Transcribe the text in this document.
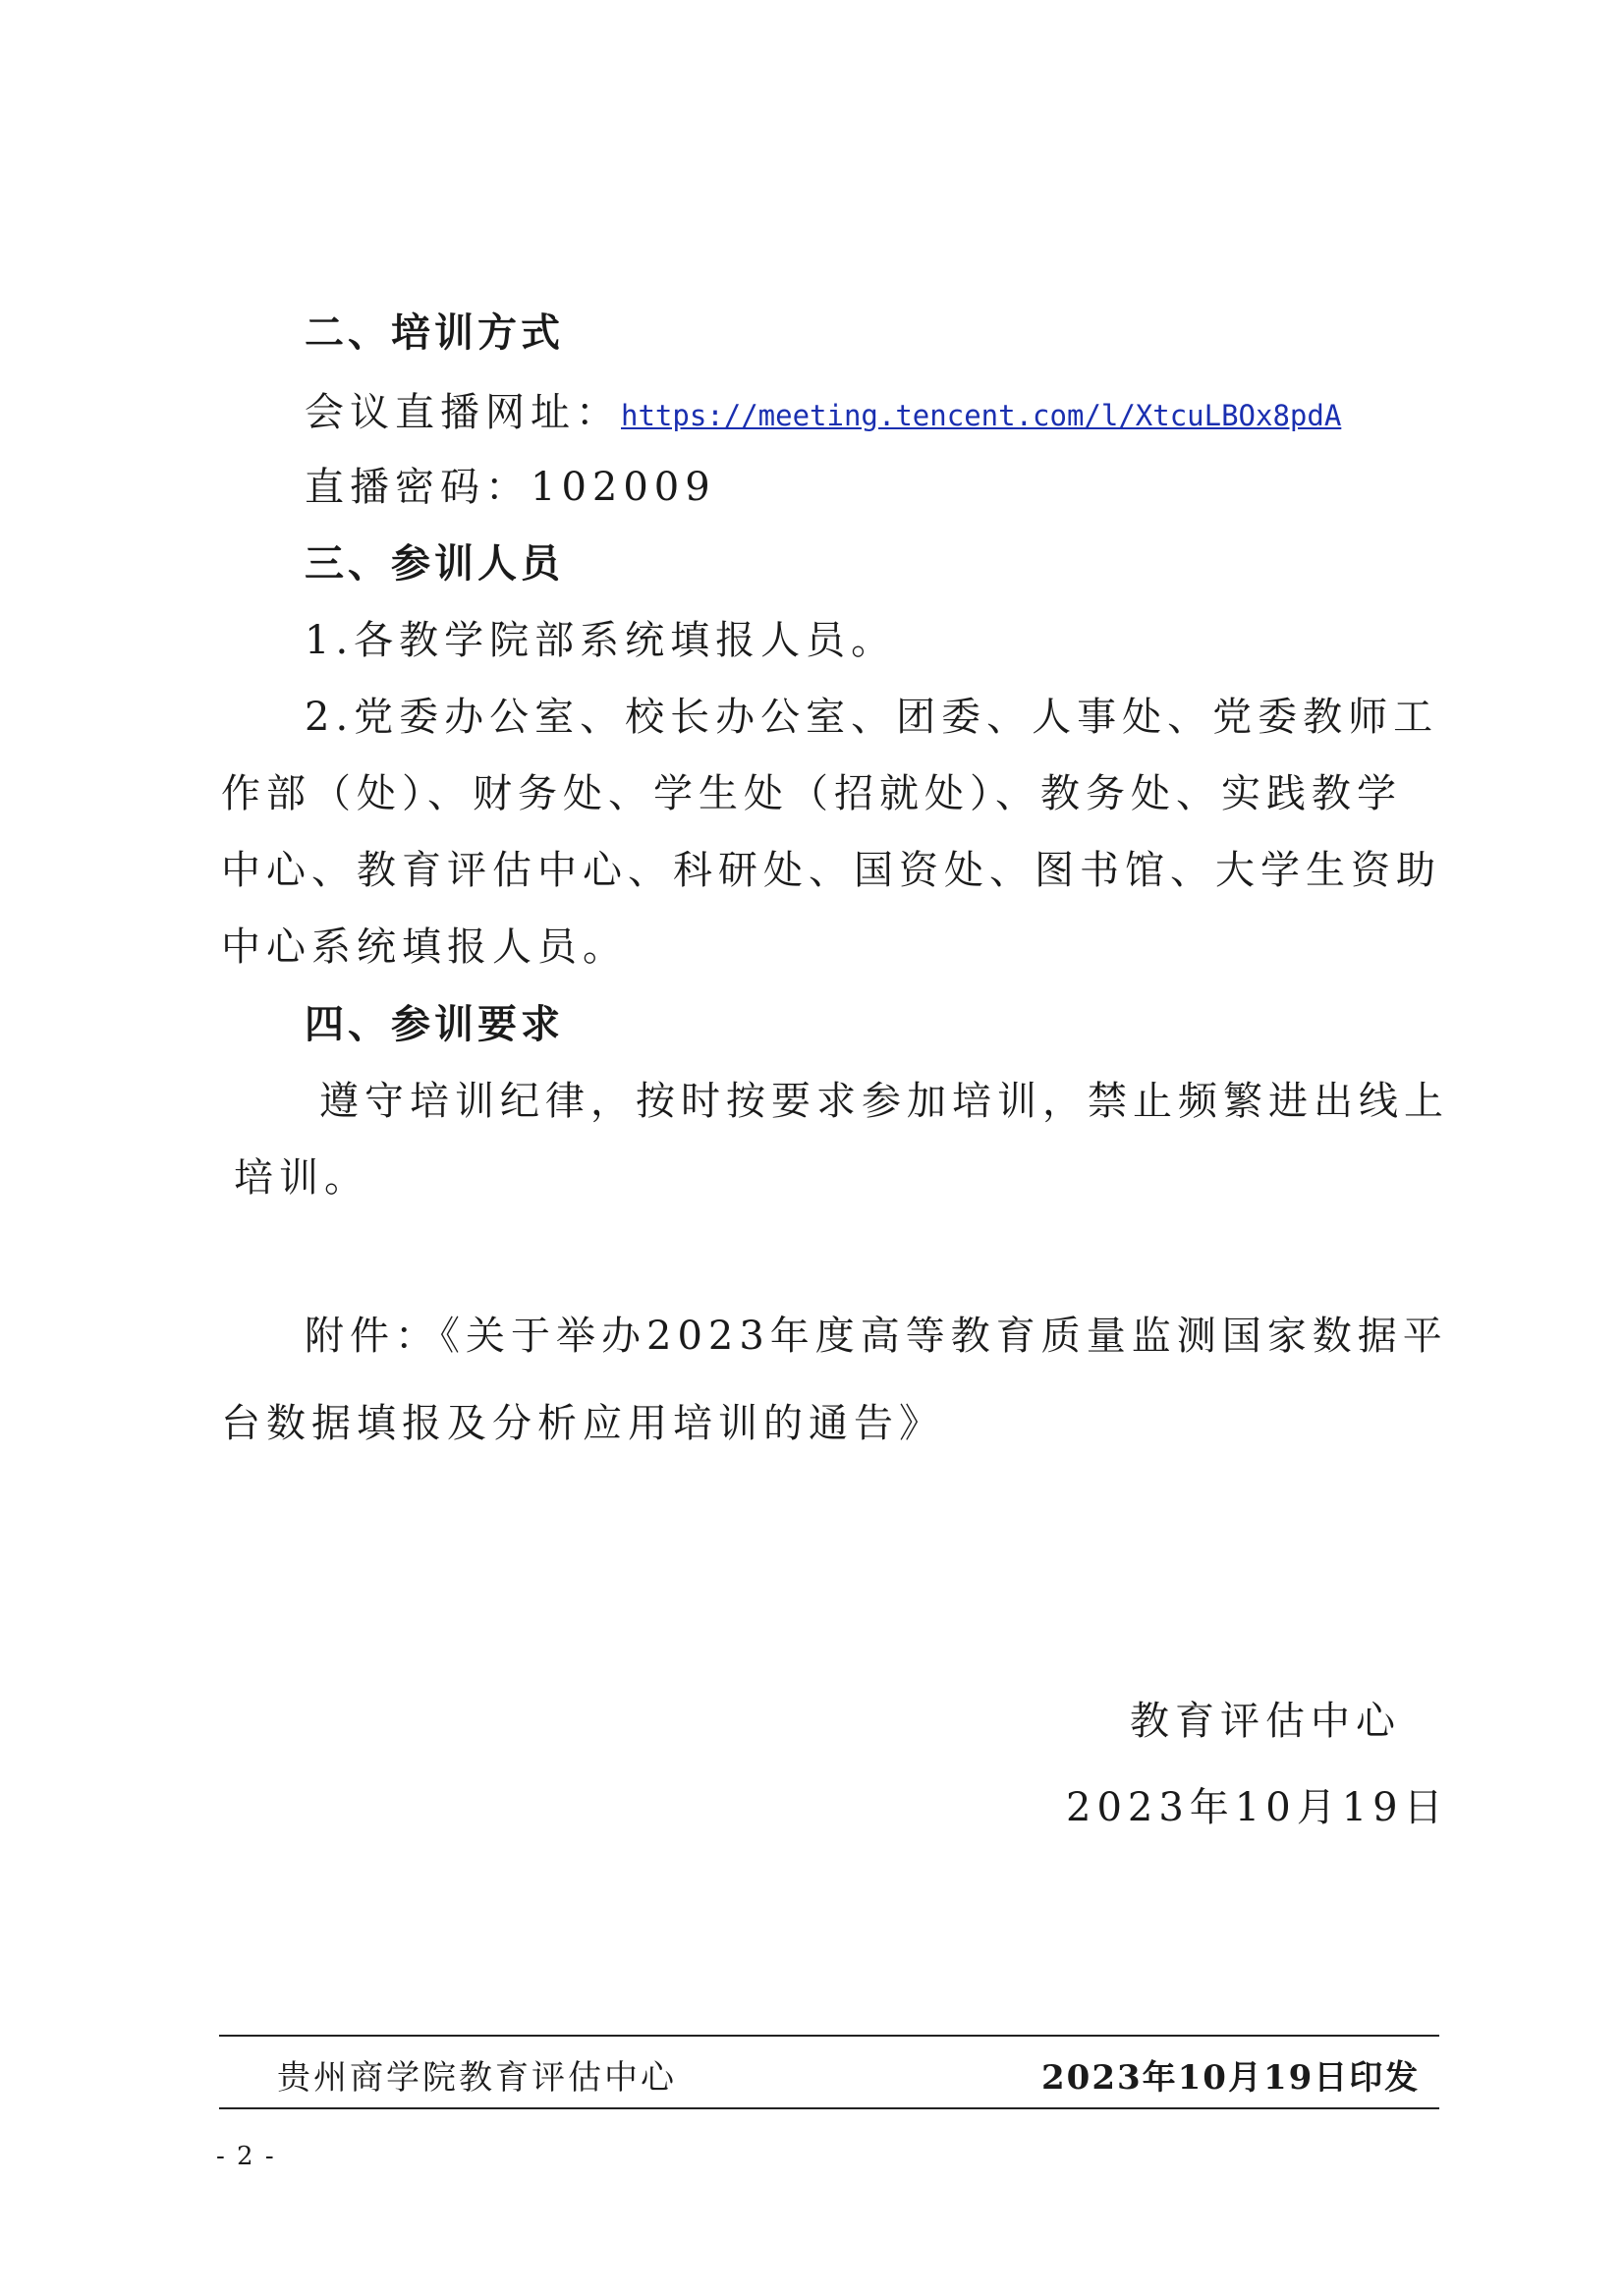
二、培训方式
会议直播网址：https://meeting.tencent.com/l/XtcuLBOx8pdA
直播密码：102009
三、参训人员
1.各教学院部系统填报人员。
2.党委办公室、校长办公室、团委、人事处、党委教师工
作部（处）、财务处、学生处（招就处）、教务处、实践教学
中心、教育评估中心、科研处、国资处、图书馆、大学生资助
中心系统填报人员。
四、参训要求
遵守培训纪律，按时按要求参加培训，禁止频繁进出线上
培训。
附件：《关于举办2023年度高等教育质量监测国家数据平
台数据填报及分析应用培训的通告》
教育评估中心
2023年10月19日
贵州商学院教育评估中心	2023年10月19日印发
- 2 -
